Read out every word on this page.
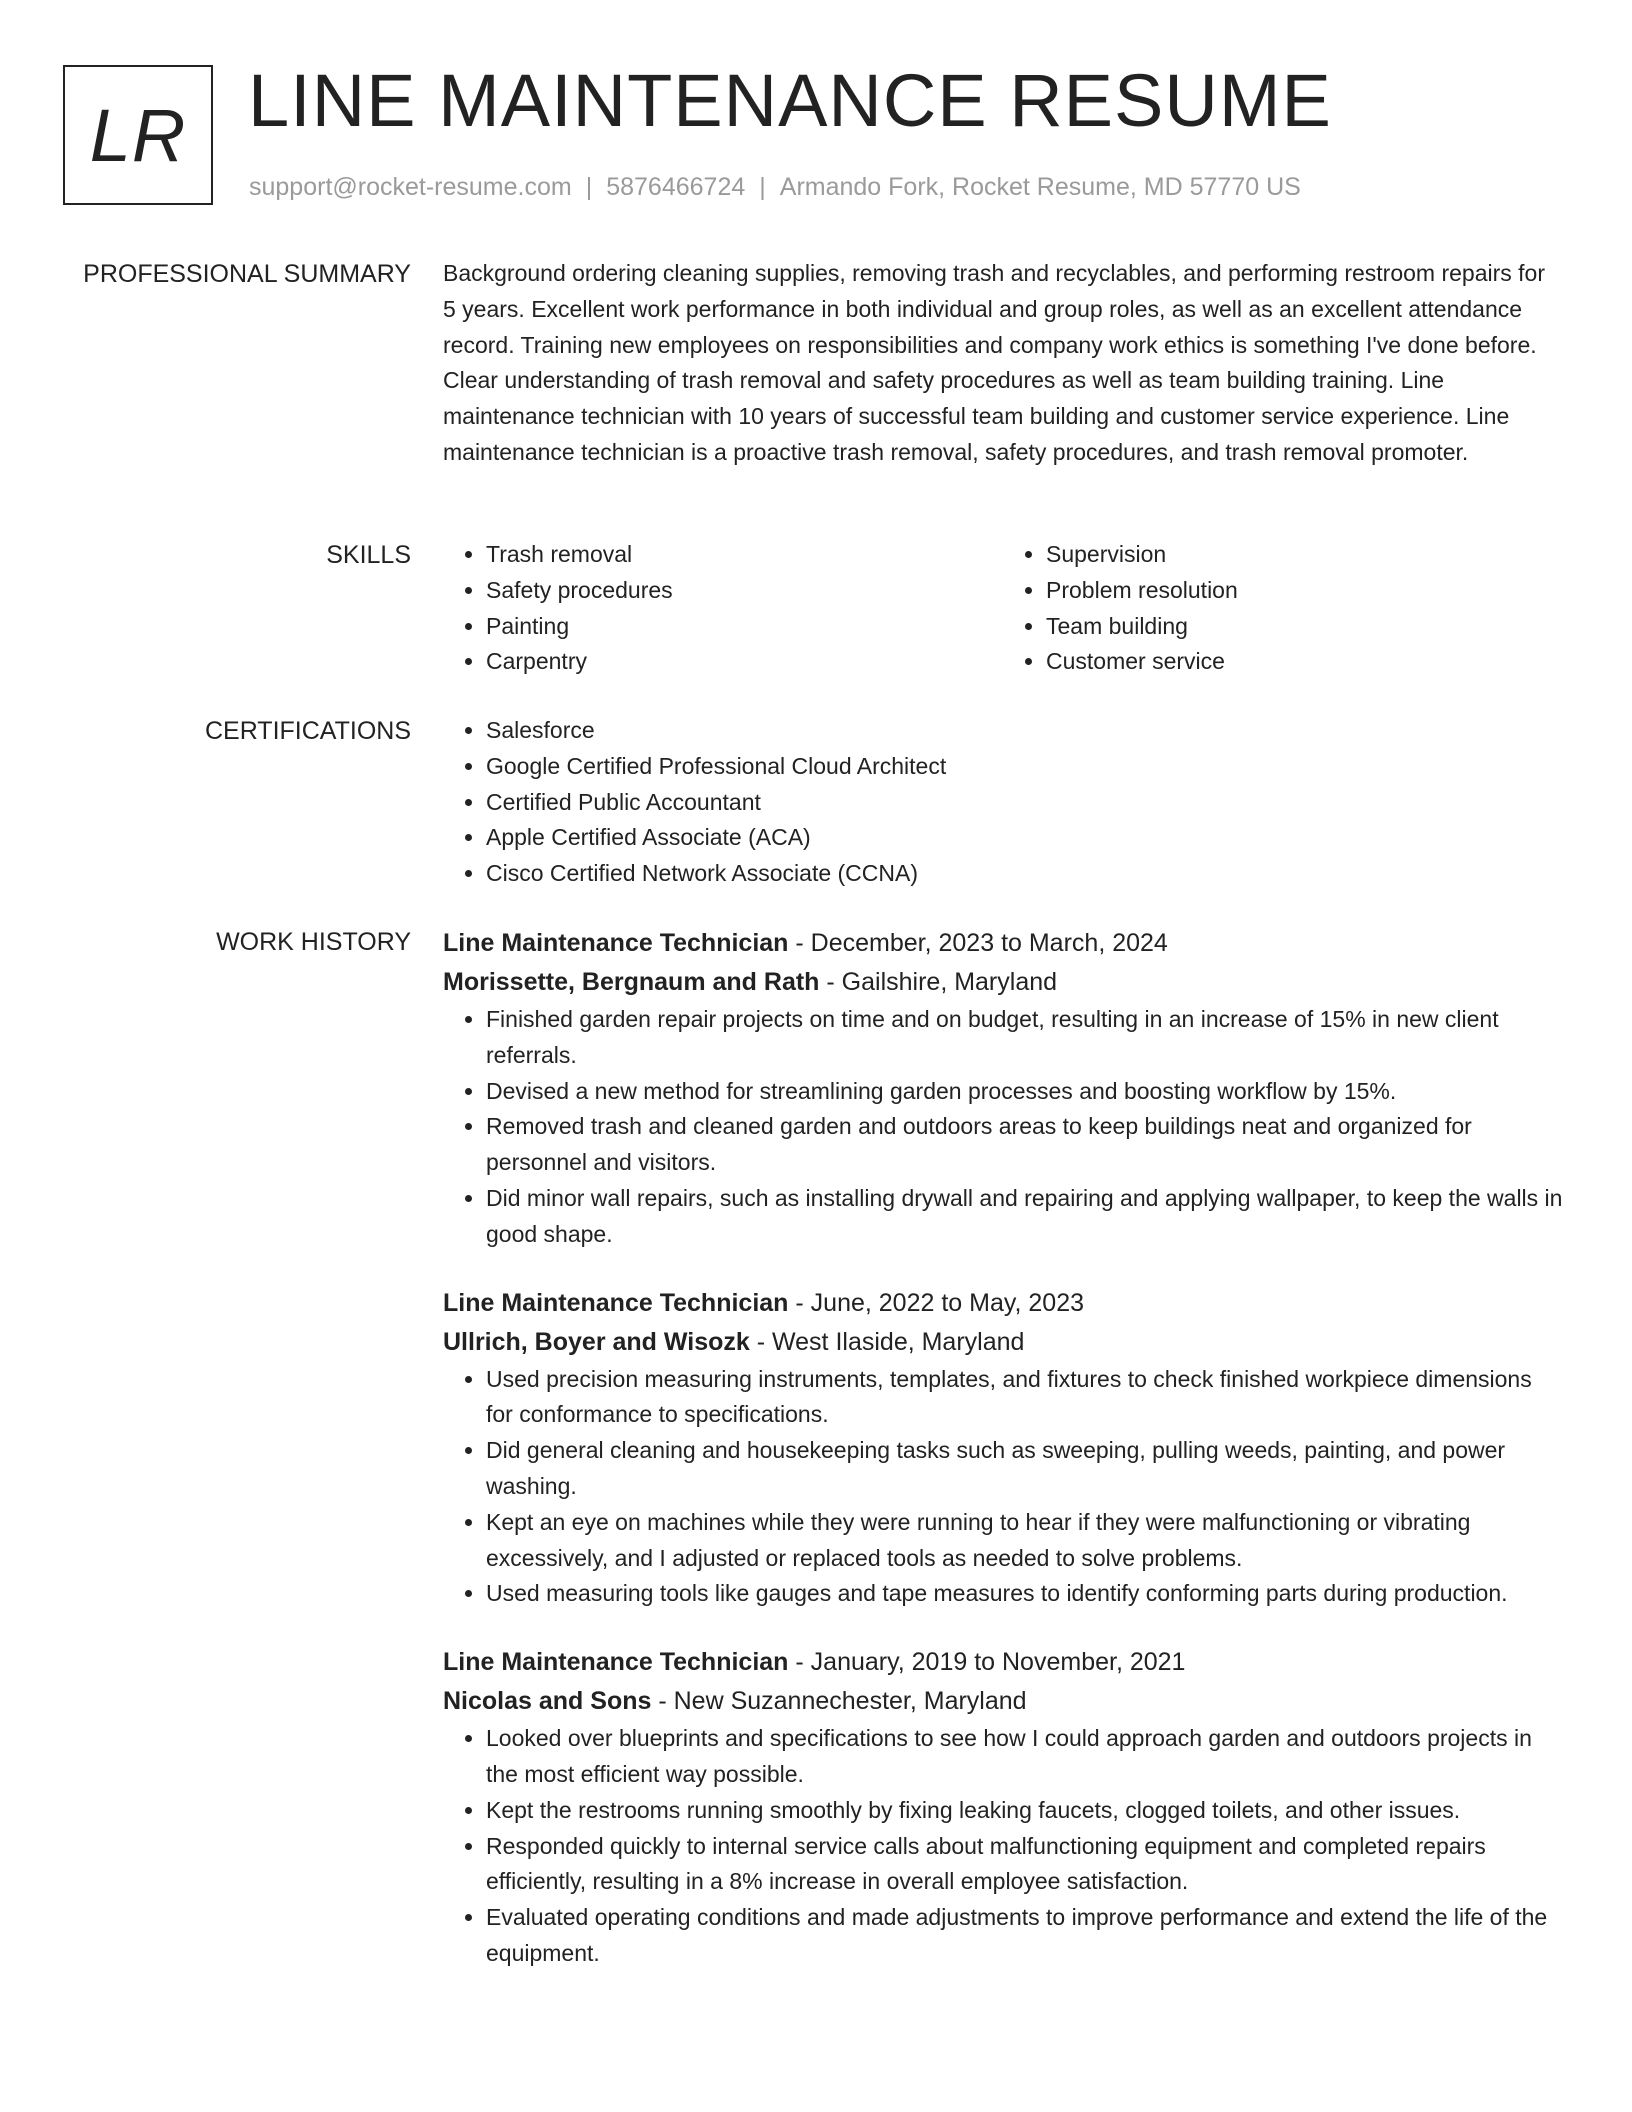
LR LINE MAINTENANCE RESUME
support@rocket-resume.com | 5876466724 | Armando Fork, Rocket Resume, MD 57770 US
PROFESSIONAL SUMMARY Background ordering cleaning supplies, removing trash and recyclables, and performing restroom repairs for 5 years. Excellent work performance in both individual and group roles, as well as an excellent attendance record. Training new employees on responsibilities and company work ethics is something I've done before. Clear understanding of trash removal and safety procedures as well as team building training. Line maintenance technician with 10 years of successful team building and customer service experience. Line maintenance technician is a proactive trash removal, safety procedures, and trash removal promoter.

SKILLS	• Trash removal
• Safety procedures
• Painting
• Carpentry
• Supervision
• Problem resolution
• Team building
• Customer service
CERTIFICATIONS	• Salesforce
• Google Certified Professional Cloud Architect
• Certified Public Accountant
• Apple Certified Associate (ACA)
• Cisco Certified Network Associate (CCNA)
WORK HISTORY Line Maintenance Technician - December, 2023 to March, 2024
Morissette, Bergnaum and Rath - Gailshire, Maryland
• Finished garden repair projects on time and on budget, resulting in an increase of 15% in new client referrals.
• Devised a new method for streamlining garden processes and boosting workflow by 15%.
• Removed trash and cleaned garden and outdoors areas to keep buildings neat and organized for personnel and visitors.
• Did minor wall repairs, such as installing drywall and repairing and applying wallpaper, to keep the walls in good shape.
Line Maintenance Technician - June, 2022 to May, 2023
Ullrich, Boyer and Wisozk - West Ilaside, Maryland
• Used precision measuring instruments, templates, and fixtures to check finished workpiece dimensions for conformance to specifications.
• Did general cleaning and housekeeping tasks such as sweeping, pulling weeds, painting, and power washing.
• Kept an eye on machines while they were running to hear if they were malfunctioning or vibrating excessively, and I adjusted or replaced tools as needed to solve problems.
• Used measuring tools like gauges and tape measures to identify conforming parts during production.
Line Maintenance Technician - January, 2019 to November, 2021
Nicolas and Sons - New Suzannechester, Maryland
• Looked over blueprints and specifications to see how I could approach garden and outdoors projects in the most efficient way possible.
• Kept the restrooms running smoothly by fixing leaking faucets, clogged toilets, and other issues.
• Responded quickly to internal service calls about malfunctioning equipment and completed repairs efficiently, resulting in a 8% increase in overall employee satisfaction.
• Evaluated operating conditions and made adjustments to improve performance and extend the life of the equipment.
